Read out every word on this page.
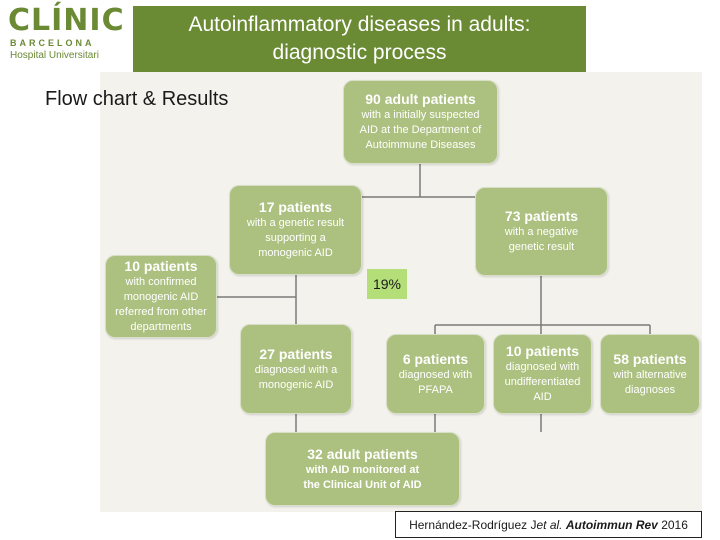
CLÍNIC
BARCELONA
Hospital Universitari
Autoinflammatory diseases in adults:
diagnostic process
Flow chart & Results	90 adult patients
with a initially suspected
AID at the Department of
Autoimmune Diseases
17 patients
with a genetic result
supporting a
monogenic AID
73 patients
with a negative
genetic result
10 patients
with confirmed
monogenic AID
referred from other
departments
19%
27 patients
diagnosed with a
monogenic AID
6 patients
diagnosed with
PFAPA
10 patients
diagnosed with
undifferentiated
AID
58 patients
with alternative
diagnoses
32 adult patients
with AID monitored at
the Clinical Unit of AID
Hernández-Rodríguez J et al.
Autoimmun Rev
2016
